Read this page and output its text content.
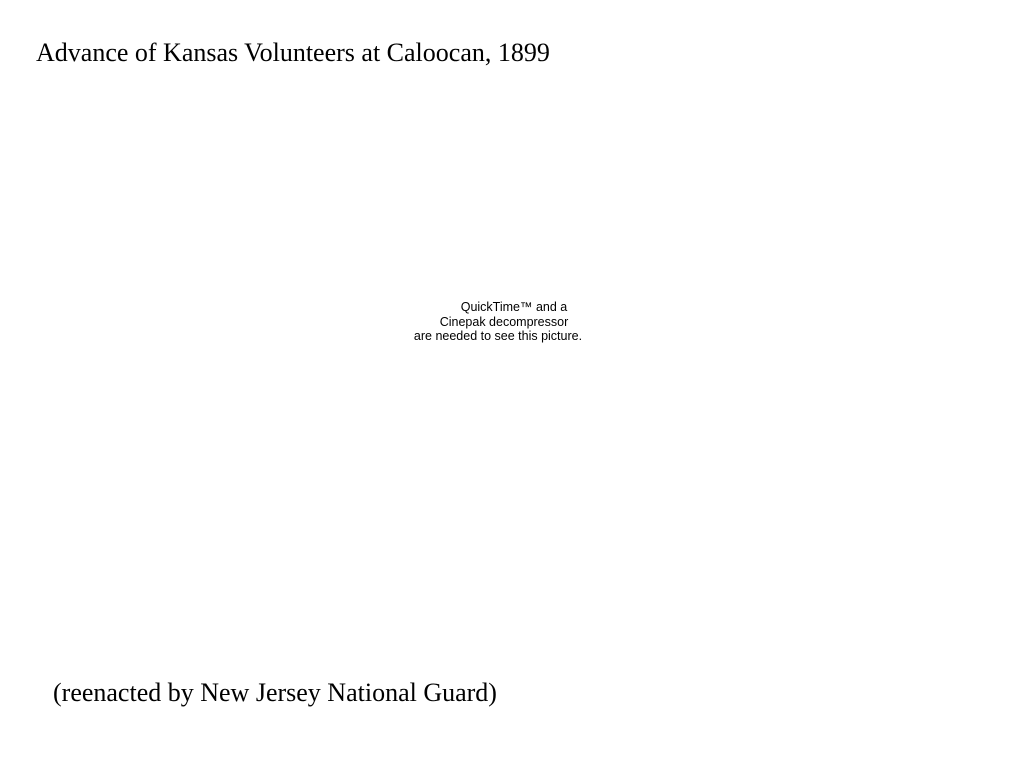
Advance of Kansas Volunteers at Caloocan, 1899
QuickTime™ and a
Cinepak decompressor
are needed to see this picture.

(reenacted by New Jersey National Guard)
